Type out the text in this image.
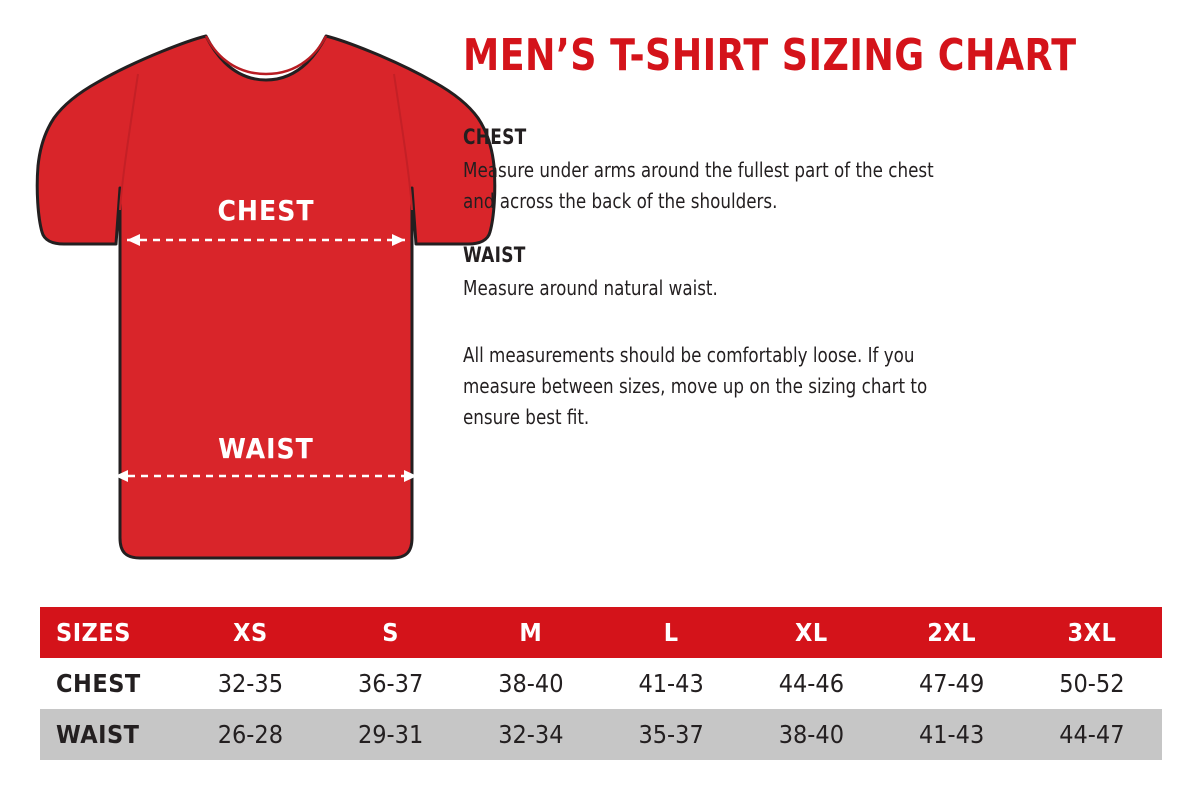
CHEST
WAIST
MEN’S T-SHIRT SIZING CHART
CHEST

Measure under arms around the fullest part of the chest and across the back of the shoulders.

WAIST

Measure around natural waist.

All measurements should be comfortably loose. If you measure between sizes, move up on the sizing chart to ensure best fit.

SIZES	XS	S	M	L	XL	2XL	3XL
CHEST	32-35	36-37	38-40	41-43	44-46	47-49	50-52
WAIST	26-28	29-31	32-34	35-37	38-40	41-43	44-47
